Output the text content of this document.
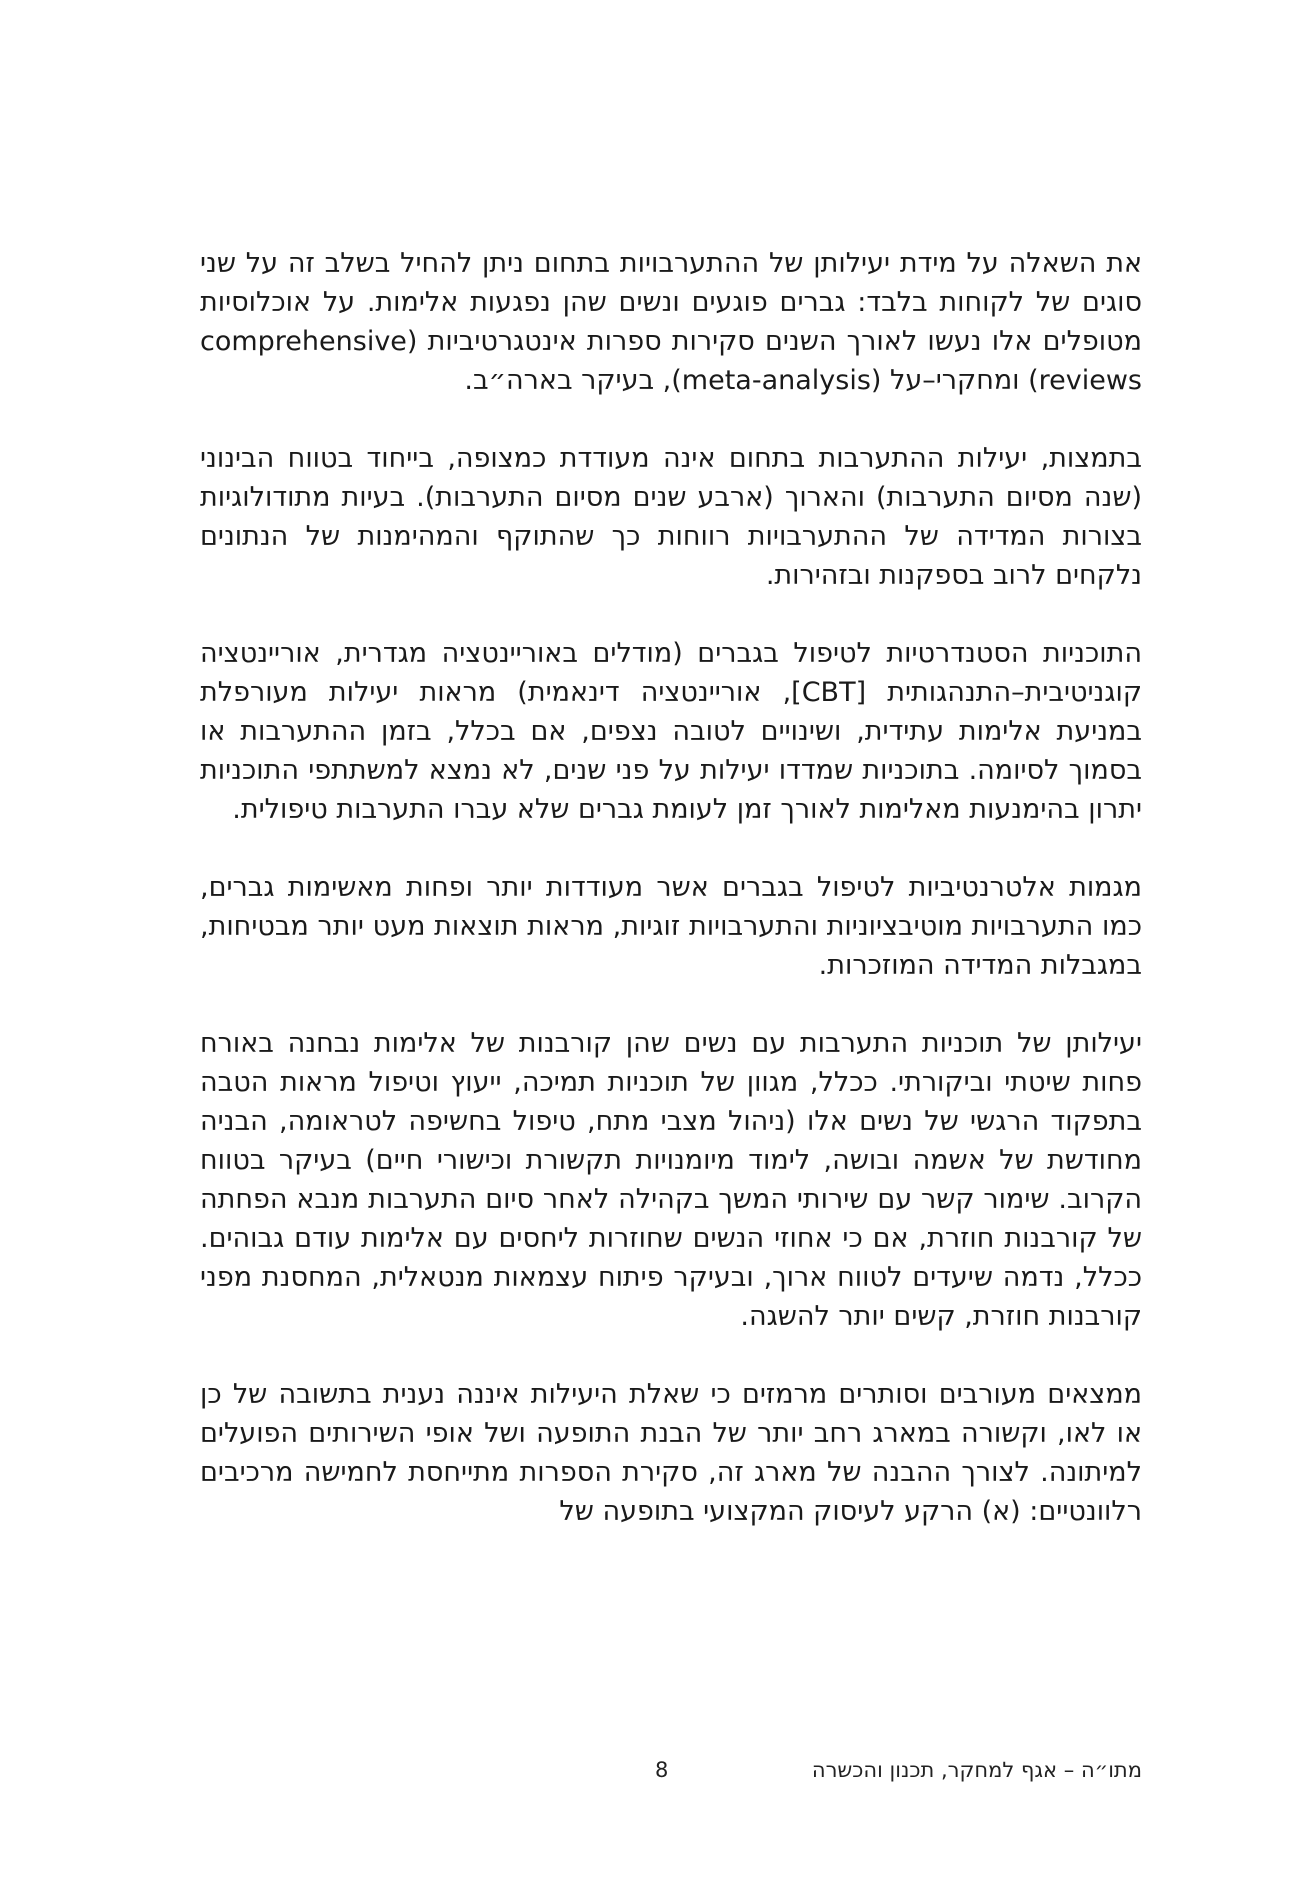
את השאלה על מידת יעילותן של ההתערבויות בתחום ניתן להחיל בשלב זה על שני סוגים של לקוחות בלבד: גברים פוגעים ונשים שהן נפגעות אלימות. על אוכלוסיות מטופלים אלו נעשו לאורך השנים סקירות ספרות אינטגרטיביות (comprehensive reviews) ומחקרי–על (meta-analysis), בעיקר בארה״ב.

בתמצות, יעילות ההתערבות בתחום אינה מעודדת כמצופה, בייחוד בטווח הבינוני (שנה מסיום התערבות) והארוך (ארבע שנים מסיום התערבות). בעיות מתודולוגיות בצורות המדידה של ההתערבויות רווחות כך שהתוקף והמהימנות של הנתונים נלקחים לרוב בספקנות ובזהירות.

התוכניות הסטנדרטיות לטיפול בגברים (מודלים באוריינטציה מגדרית, אוריינטציה קוגניטיבית–התנהגותית [CBT], אוריינטציה דינאמית) מראות יעילות מעורפלת במניעת אלימות עתידית, ושינויים לטובה נצפים, אם בכלל, בזמן ההתערבות או בסמוך לסיומה. בתוכניות שמדדו יעילות על פני שנים, לא נמצא למשתתפי התוכניות יתרון בהימנעות מאלימות לאורך זמן לעומת גברים שלא עברו התערבות טיפולית.

מגמות אלטרנטיביות לטיפול בגברים אשר מעודדות יותר ופחות מאשימות גברים, כמו התערבויות מוטיבציוניות והתערבויות זוגיות, מראות תוצאות מעט יותר מבטיחות, במגבלות המדידה המוזכרות.

יעילותן של תוכניות התערבות עם נשים שהן קורבנות של אלימות נבחנה באורח פחות שיטתי וביקורתי. ככלל, מגוון של תוכניות תמיכה, ייעוץ וטיפול מראות הטבה בתפקוד הרגשי של נשים אלו (ניהול מצבי מתח, טיפול בחשיפה לטראומה, הבניה מחודשת של אשמה ובושה, לימוד מיומנויות תקשורת וכישורי חיים) בעיקר בטווח הקרוב. שימור קשר עם שירותי המשך בקהילה לאחר סיום התערבות מנבא הפחתה של קורבנות חוזרת, אם כי אחוזי הנשים שחוזרות ליחסים עם אלימות עודם גבוהים. ככלל, נדמה שיעדים לטווח ארוך, ובעיקר פיתוח עצמאות מנטאלית, המחסנת מפני קורבנות חוזרת, קשים יותר להשגה.

ממצאים מעורבים וסותרים מרמזים כי שאלת היעילות איננה נענית בתשובה של כן או לאו, וקשורה במארג רחב יותר של הבנת התופעה ושל אופי השירותים הפועלים למיתונה. לצורך ההבנה של מארג זה, סקירת הספרות מתייחסת לחמישה מרכיבים רלוונטיים: (א) הרקע לעיסוק המקצועי בתופעה של

מתו״ה – אגף למחקר, תכנון והכשרה
8
